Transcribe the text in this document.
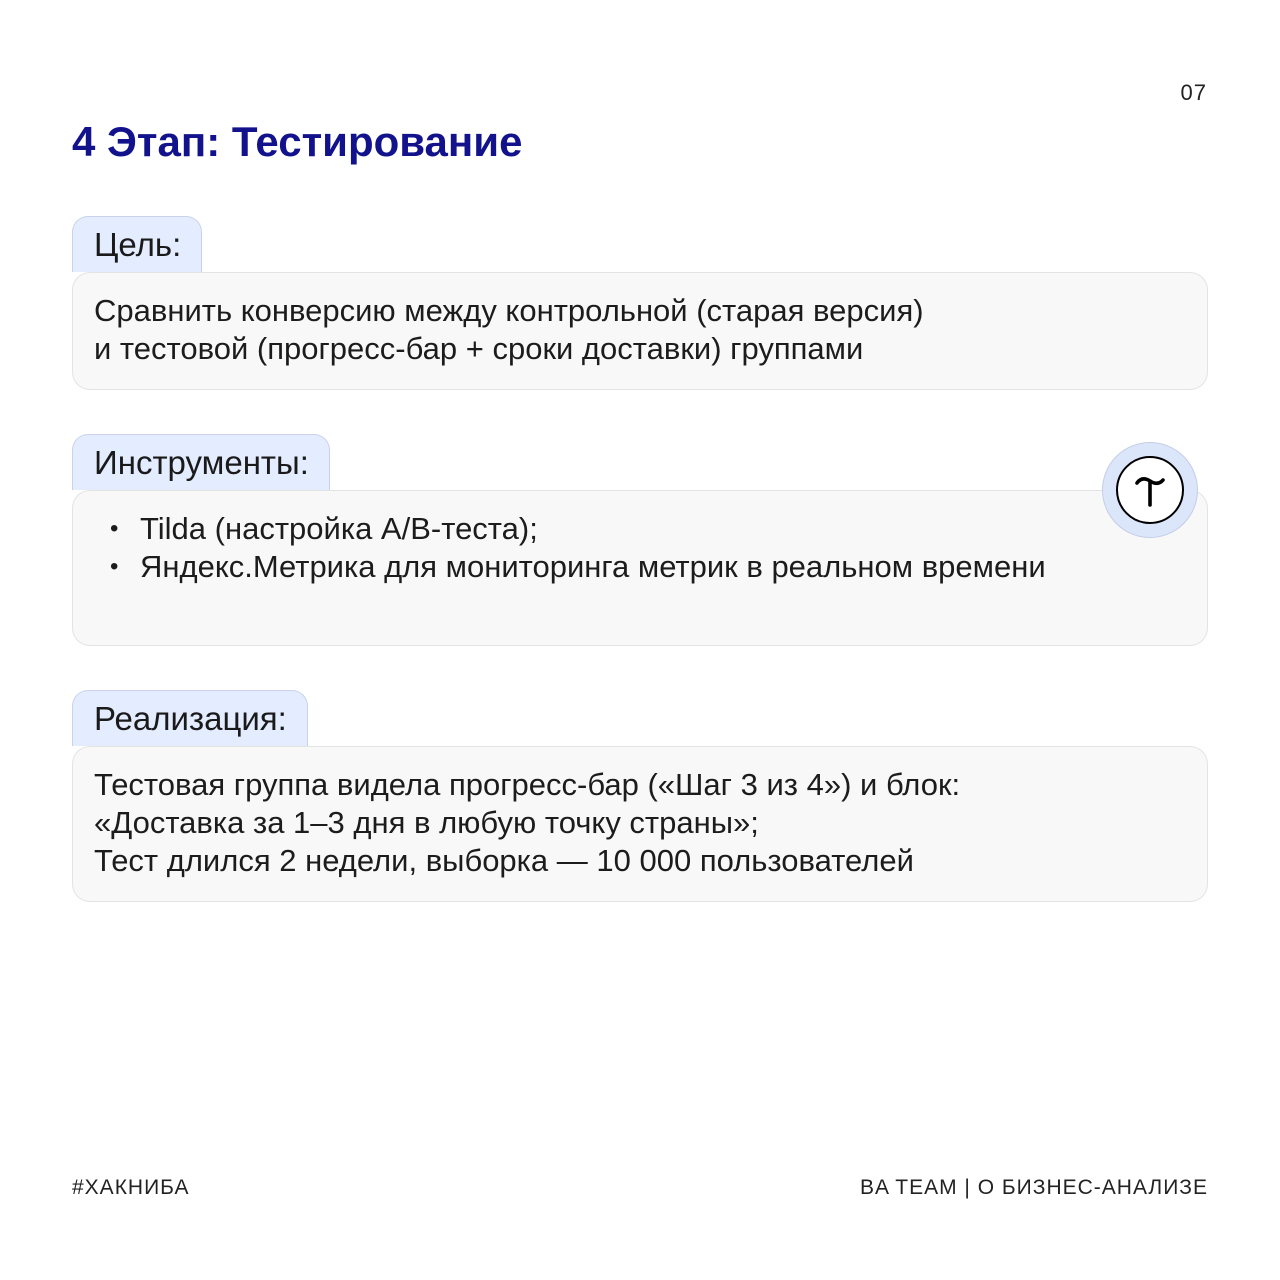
07
4 Этап: Тестирование
Цель:

Сравнить конверсию между контрольной (старая версия)

и тестовой (прогресс-бар + сроки доставки) группами

Инструменты:
• Tilda (настройка А/В-теста);
• Яндекс.Метрика для мониторинга метрик в реальном времени
Реализация:

Тестовая группа видела прогресс-бар («Шаг 3 из 4») и блок:

«Доставка за 1–3 дня в любую точку страны»;

Тест длился 2 недели, выборка — 10 000 пользователей

#ХАКНИБА	BA TEAM | О БИЗНЕС-АНАЛИЗЕ
